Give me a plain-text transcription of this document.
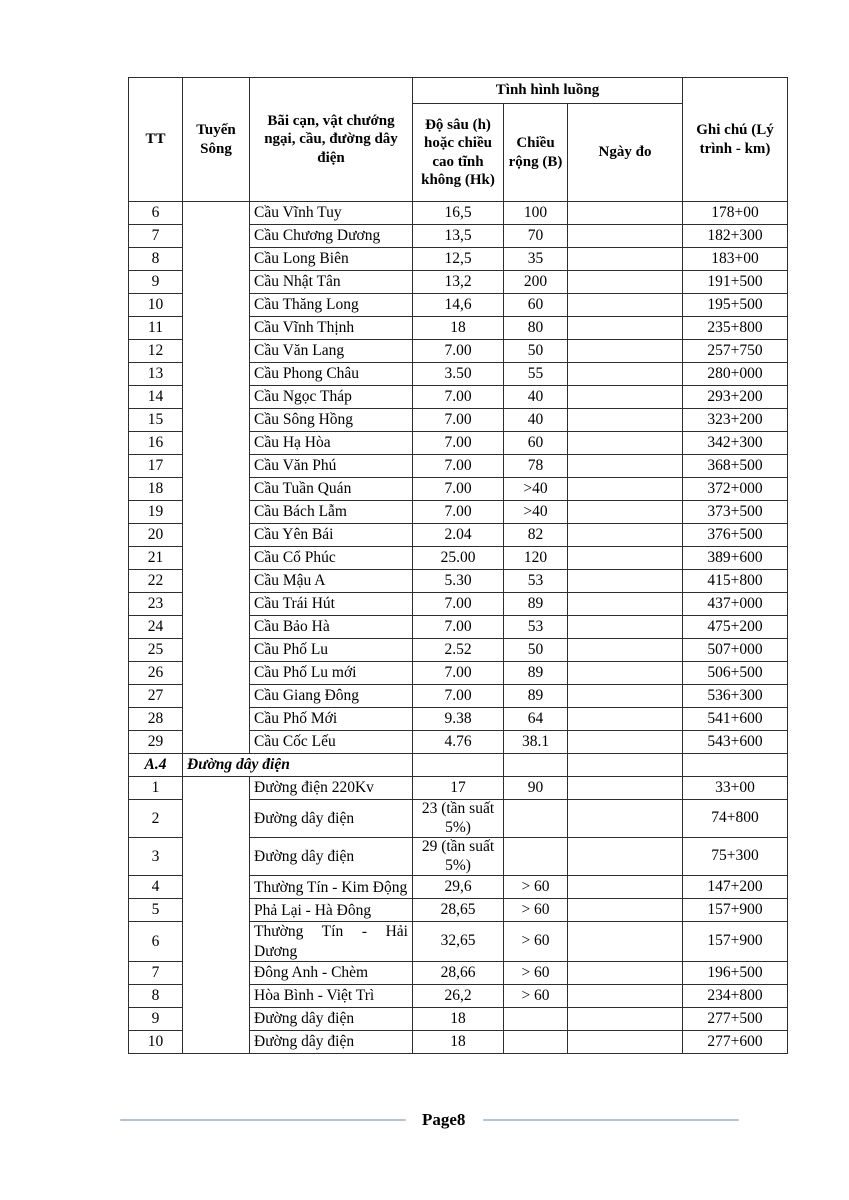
TT	Tuyến Sông	Bãi cạn, vật chướng ngại, cầu, đường dây điện	Tình hình luồng			Ghi chú (Lý trình - km)
			Độ sâu (h) hoặc chiều cao tĩnh không (Hk)	Chiều rộng (B)	Ngày đo	
6		Cầu Vĩnh Tuy	16,5	100		178+00
7		Cầu Chương Dương	13,5	70		182+300
8		Cầu Long Biên	12,5	35		183+00
9		Cầu Nhật Tân	13,2	200		191+500
10		Cầu Thăng Long	14,6	60		195+500
11		Cầu Vĩnh Thịnh	18	80		235+800
12		Cầu Văn Lang	7.00	50		257+750
13		Cầu Phong Châu	3.50	55		280+000
14		Cầu Ngọc Tháp	7.00	40		293+200
15		Cầu Sông Hồng	7.00	40		323+200
16		Cầu Hạ Hòa	7.00	60		342+300
17		Cầu Văn Phú	7.00	78		368+500
18		Cầu Tuần Quán	7.00	>40		372+000
19		Cầu Bách Lẫm	7.00	>40		373+500
20		Cầu Yên Bái	2.04	82		376+500
21		Cầu Cổ Phúc	25.00	120		389+600
22		Cầu Mậu A	5.30	53		415+800
23		Cầu Trái Hút	7.00	89		437+000
24		Cầu Bảo Hà	7.00	53		475+200
25		Cầu Phố Lu	2.52	50		507+000
26		Cầu Phố Lu mới	7.00	89		506+500
27		Cầu Giang Đông	7.00	89		536+300
28		Cầu Phố Mới	9.38	64		541+600
29		Cầu Cốc Lếu	4.76	38.1		543+600
A.4	Đường dây điện					
1		Đường điện 220Kv	17	90		33+00
2		Đường dây điện	23 (tần suất 5%)			74+800
3		Đường dây điện	29 (tần suất 5%)			75+300
4		Thường Tín - Kim Động	29,6	> 60		147+200
5		Phả Lại - Hà Đông	28,65	> 60		157+900
6		Thường Tín - Hải Dương	32,65	> 60		157+900
7		Đông Anh - Chèm	28,66	> 60		196+500
8		Hòa Bình - Việt Trì	26,2	> 60		234+800
9		Đường dây điện	18			277+500
10		Đường dây điện	18			277+600
Page8
